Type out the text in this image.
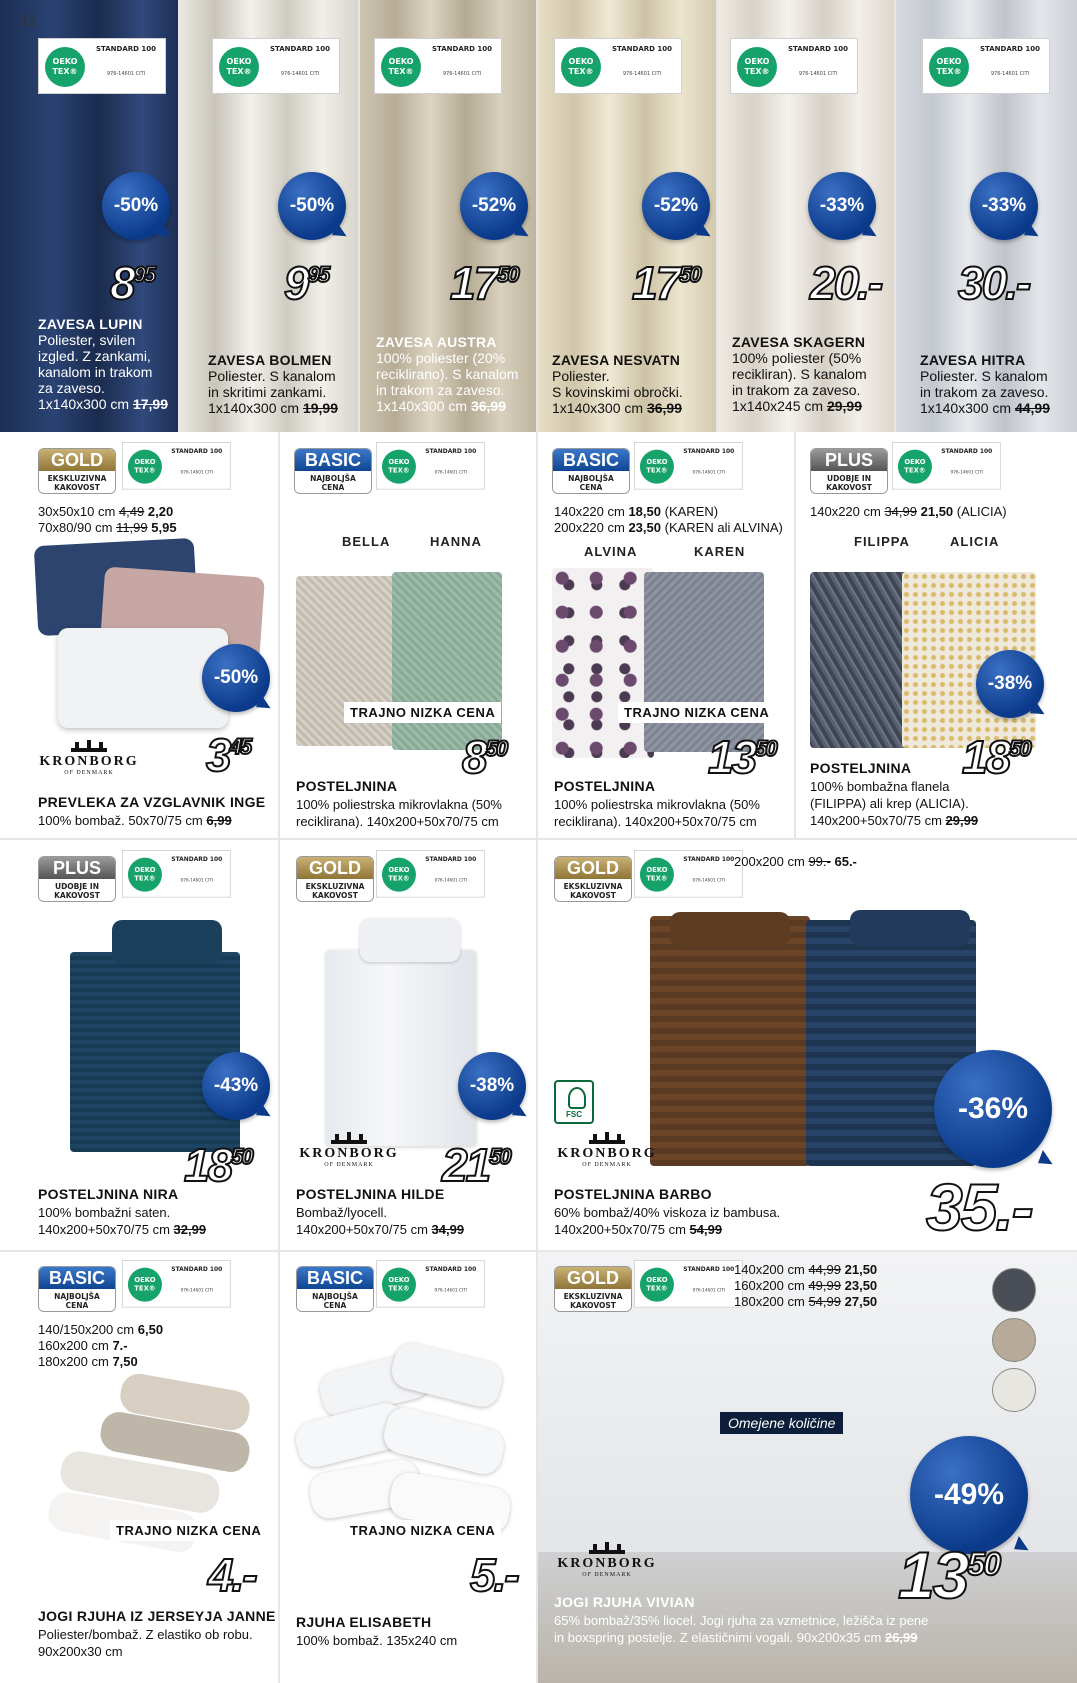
12
OEKO TEX®
STANDARD 100
976-14601 CITI
-50%
895
ZAVESA LUPIN
Poliester, svilen
izgled. Z zankami,
kanalom in trakom
za zaveso.
1x140x300 cm 17,99
OEKO TEX®
STANDARD 100
976-14601 CITI
-50%
995
ZAVESA BOLMEN
Poliester. S kanalom
in skritimi zankami.
1x140x300 cm 19,99
OEKO TEX®
STANDARD 100
976-14601 CITI
-52%
1750
ZAVESA AUSTRA
100% poliester (20%
reciklirano). S kanalom
in trakom za zaveso.
1x140x300 cm 36,99
OEKO TEX®
STANDARD 100
976-14601 CITI
-52%
1750
ZAVESA NESVATN
Poliester.
S kovinskimi obročki.
1x140x300 cm 36,99
OEKO TEX®
STANDARD 100
976-14601 CITI
-33%
20.-
ZAVESA SKAGERN
100% poliester (50%
recikliran). S kanalom
in trakom za zaveso.
1x140x245 cm 29,99
OEKO TEX®
STANDARD 100
976-14601 CITI
-33%
30.-
ZAVESA HITRA
Poliester. S kanalom
in trakom za zaveso.
1x140x300 cm 44,99
GOLD
EKSKLUZIVNA
KAKOVOST
OEKO TEX®
STANDARD 100
976-14601 CITI
30x50x10 cm 4,49 2,20
70x80/90 cm 11,99 5,95
-50%
345
KRONBORG
OF DENMARK
PREVLEKA ZA VZGLAVNIK INGE
100% bombaž. 50x70/75 cm 6,99
BASIC
NAJBOLJŠA
CENA
OEKO TEX®
STANDARD 100
976-14601 CITI
BELLA	HANNA
TRAJNO NIZKA CENA
850
POSTELJNINA
100% poliestrska mikrovlakna (50%
reciklirana). 140x200+50x70/75 cm
BASIC
NAJBOLJŠA
CENA
OEKO TEX®
STANDARD 100
976-14601 CITI
140x220 cm 18,50 (KAREN)
200x220 cm 23,50 (KAREN ali ALVINA)
ALVINA	KAREN
TRAJNO NIZKA CENA
1350
POSTELJNINA
100% poliestrska mikrovlakna (50%
reciklirana). 140x200+50x70/75 cm
PLUS
UDOBJE IN
KAKOVOST
OEKO TEX®
STANDARD 100
976-14601 CITI
140x220 cm 34,99 21,50 (ALICIA)
FILIPPA	ALICIA
-38%
1850
POSTELJNINA
100% bombažna flanela
(FILIPPA) ali krep (ALICIA).
140x200+50x70/75 cm 29,99
PLUS
UDOBJE IN
KAKOVOST
OEKO TEX®
STANDARD 100
976-14601 CITI
-43%
1850
POSTELJNINA NIRA
100% bombažni saten.
140x200+50x70/75 cm 32,99
GOLD
EKSKLUZIVNA
KAKOVOST
OEKO TEX®
STANDARD 100
976-14601 CITI
-38%
2150
KRONBORG
OF DENMARK
POSTELJNINA HILDE
Bombaž/lyocell.
140x200+50x70/75 cm 34,99
GOLD
EKSKLUZIVNA
KAKOVOST
OEKO TEX®
STANDARD 100
976-14601 CITI
200x200 cm 99.- 65.-
FSC	-36%
KRONBORG
OF DENMARK
35.-
POSTELJNINA BARBO
60% bombaž/40% viskoza iz bambusa.
140x200+50x70/75 cm 54,99
BASIC
NAJBOLJŠA
CENA
OEKO TEX®
STANDARD 100
976-14601 CITI
140/150x200 cm 6,50
160x200 cm 7.-
180x200 cm 7,50
TRAJNO NIZKA CENA
4.-
JOGI RJUHA IZ JERSEYJA JANNE
Poliester/bombaž. Z elastiko ob robu.
90x200x30 cm
BASIC
NAJBOLJŠA
CENA
OEKO TEX®
STANDARD 100
976-14601 CITI
TRAJNO NIZKA CENA
5.-
RJUHA ELISABETH
100% bombaž. 135x240 cm
GOLD
EKSKLUZIVNA
KAKOVOST
OEKO TEX®
STANDARD 100
976-14601 CITI
140x200 cm 44,99 21,50
160x200 cm 49,99 23,50
180x200 cm 54,99 27,50
Omejene količine
-49%
KRONBORG
OF DENMARK	1350
JOGI RJUHA VIVIAN
65% bombaž/35% liocel. Jogi rjuha za vzmetnice, ležišča iz pene
in boxspring postelje. Z elastičnimi vogali. 90x200x35 cm 26,99
